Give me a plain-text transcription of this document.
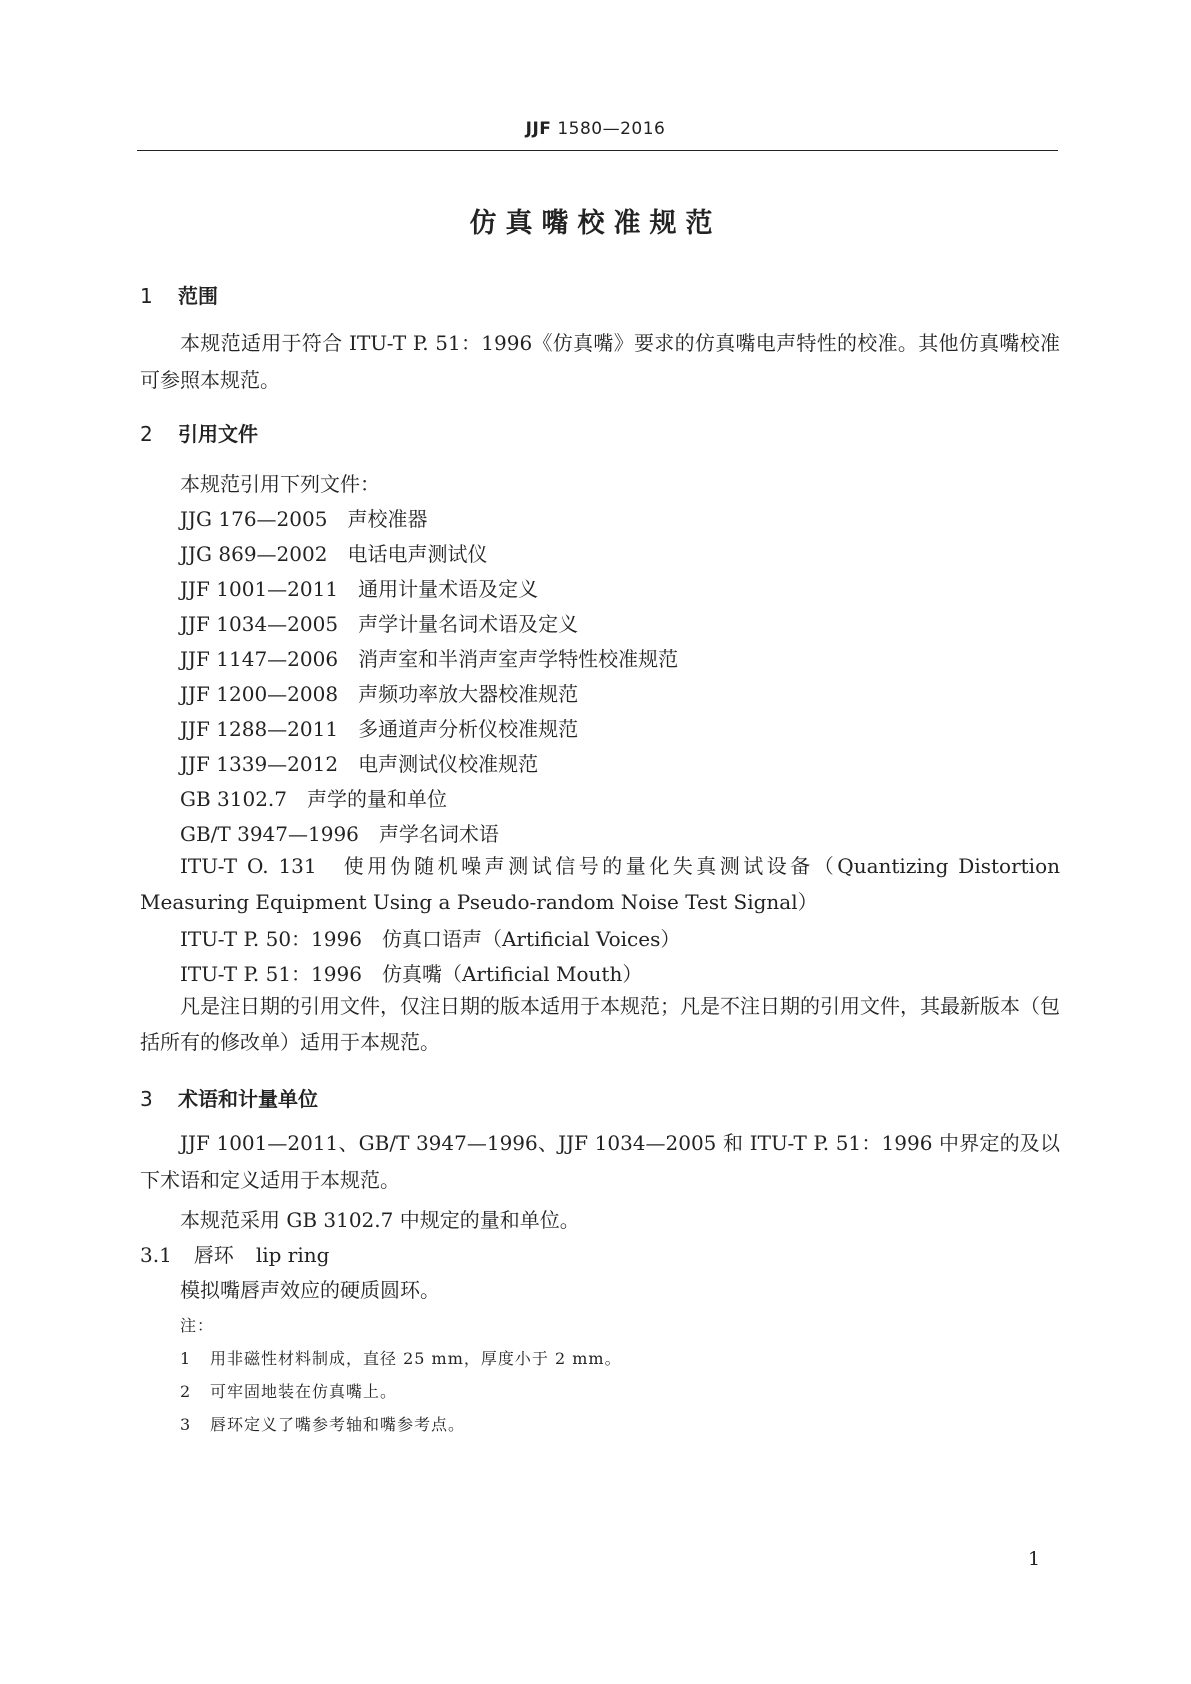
JJF 1580—2016
仿真嘴校准规范
1 范围
本规范适用于符合 ITU-T P. 51：1996《仿真嘴》要求的仿真嘴电声特性的校准。其他仿真嘴校准可参照本规范。
2 引用文件
本规范引用下列文件：
JJG 176—2005　声校准器
JJG 869—2002　电话电声测试仪
JJF 1001—2011　通用计量术语及定义
JJF 1034—2005　声学计量名词术语及定义
JJF 1147—2006　消声室和半消声室声学特性校准规范
JJF 1200—2008　声频功率放大器校准规范
JJF 1288—2011　多通道声分析仪校准规范
JJF 1339—2012　电声测试仪校准规范
GB 3102.7　声学的量和单位
GB/T 3947—1996　声学名词术语
ITU-T O. 131　使用伪随机噪声测试信号的量化失真测试设备（Quantizing Distortion Measuring Equipment Using a Pseudo-random Noise Test Signal）
ITU-T P. 50：1996　仿真口语声（Artificial Voices）
ITU-T P. 51：1996　仿真嘴（Artificial Mouth）
凡是注日期的引用文件，仅注日期的版本适用于本规范；凡是不注日期的引用文件，其最新版本（包括所有的修改单）适用于本规范。
3 术语和计量单位
JJF 1001—2011、GB/T 3947—1996、JJF 1034—2005 和 ITU-T P. 51：1996 中界定的及以下术语和定义适用于本规范。
本规范采用 GB 3102.7 中规定的量和单位。
3.1 唇环 lip ring
模拟嘴唇声效应的硬质圆环。
注：
1 用非磁性材料制成，直径 25 mm，厚度小于 2 mm。
2 可牢固地装在仿真嘴上。
3 唇环定义了嘴参考轴和嘴参考点。
1
